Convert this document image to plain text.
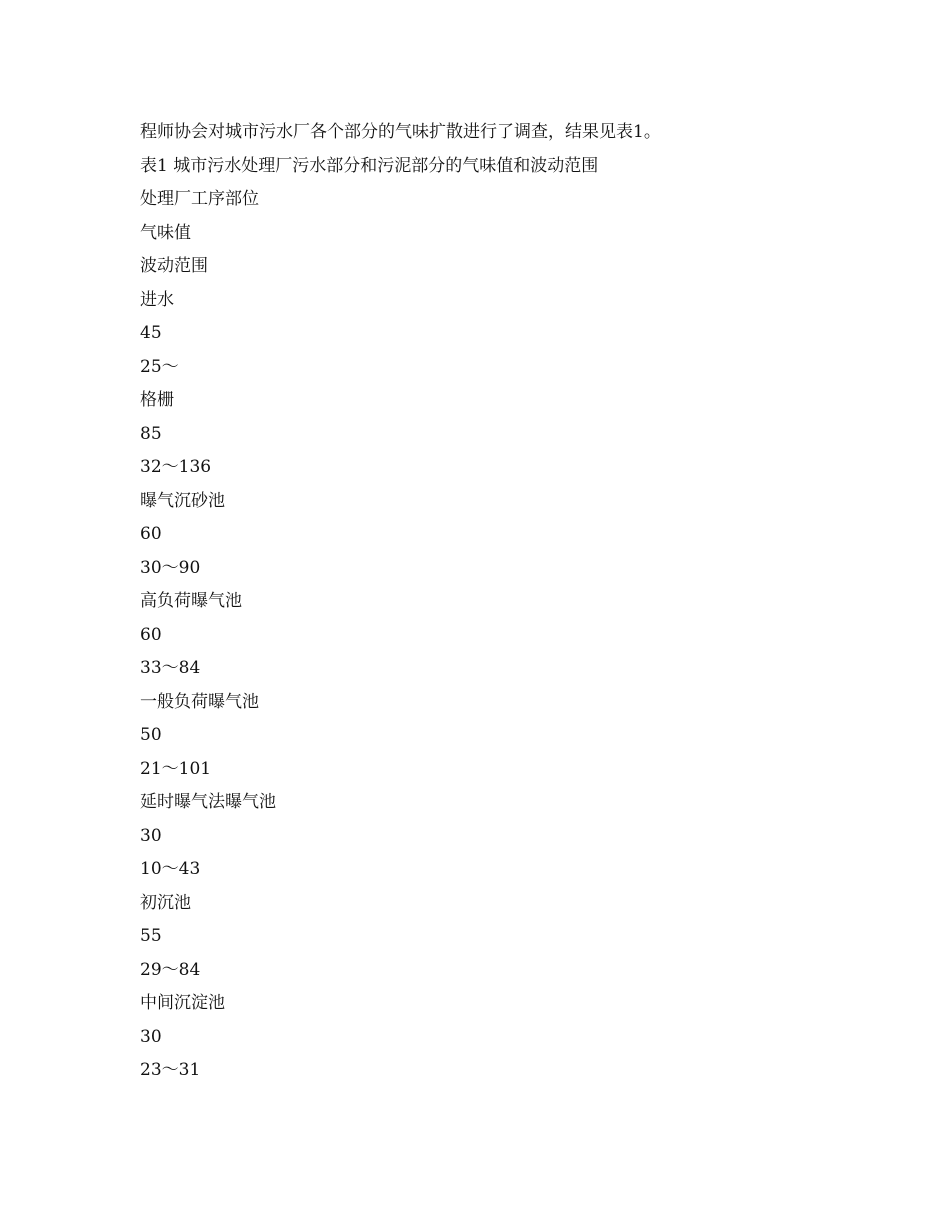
程师协会对城市污水厂各个部分的气味扩散进行了调查，结果见表1。
表1 城市污水处理厂污水部分和污泥部分的气味值和波动范围
处理厂工序部位
气味值
波动范围
进水
45
25～
格栅
85
32～136
曝气沉砂池
60
30～90
高负荷曝气池
60
33～84
一般负荷曝气池
50
21～101
延时曝气法曝气池
30
10～43
初沉池
55
29～84
中间沉淀池
30
23～31
